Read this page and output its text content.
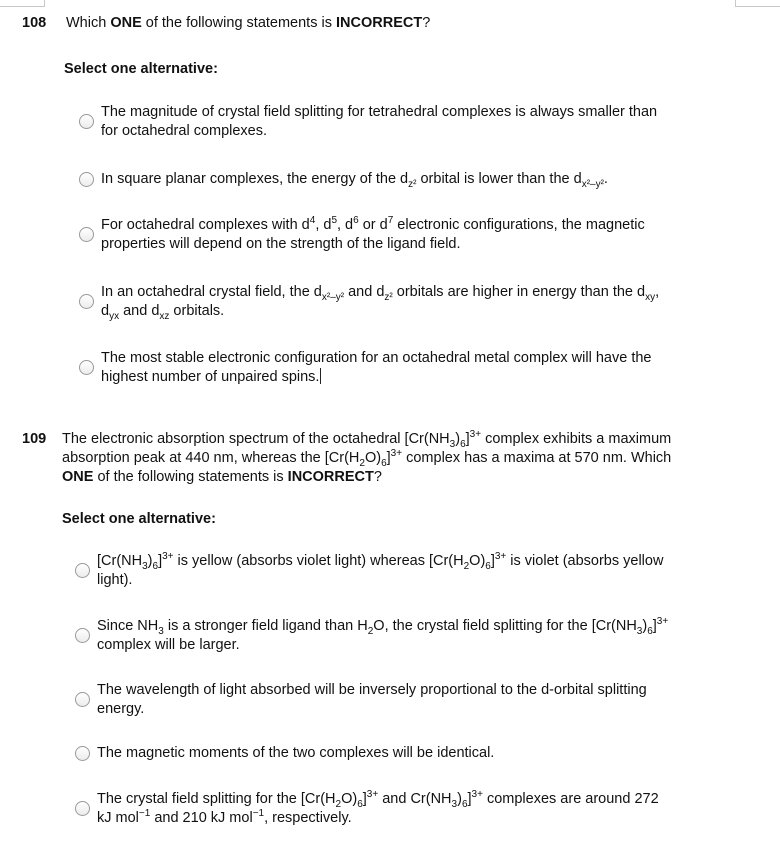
108	Which ONE of the following statements is INCORRECT?
Select one alternative:
The magnitude of crystal field splitting for tetrahedral complexes is always smaller than
for octahedral complexes.
In square planar complexes, the energy of the $d_{z^2}$ orbital is lower than the $d_{x^2-y^2}$.
For octahedral complexes with $d^4$, $d^5$, $d^6$ or $d^7$ electronic configurations, the magnetic
properties will depend on the strength of the ligand field.
In an octahedral crystal field, the $d_{x^2-y^2}$ and $d_{z^2}$ orbitals are higher in energy than the $d_{xy}$,
$d_{yx}$ and $d_{xz}$ orbitals.
The most stable electronic configuration for an octahedral metal complex will have the
highest number of unpaired spins.
109	The electronic absorption spectrum of the octahedral $[Cr(NH_3)_6]^{3+}$ complex exhibits a maximum
absorption peak at 440 nm, whereas the $[Cr(H_2O)_6]^{3+}$ complex has a maxima at 570 nm. Which
ONE of the following statements is INCORRECT?
Select one alternative:
$[Cr(NH_3)_6]^{3+}$ is yellow (absorbs violet light) whereas $[Cr(H_2O)_6]^{3+}$ is violet (absorbs yellow
light).
Since $NH_3$ is a stronger field ligand than $H_2O$, the crystal field splitting for the $[Cr(NH_3)_6]^{3+}$
complex will be larger.
The wavelength of light absorbed will be inversely proportional to the d-orbital splitting
energy.
The magnetic moments of the two complexes will be identical.
The crystal field splitting for the $[Cr(H_2O)_6]^{3+}$ and $Cr(NH_3)_6]^{3+}$ complexes are around 272
kJ mol$^{-1}$ and 210 kJ mol$^{-1}$, respectively.
